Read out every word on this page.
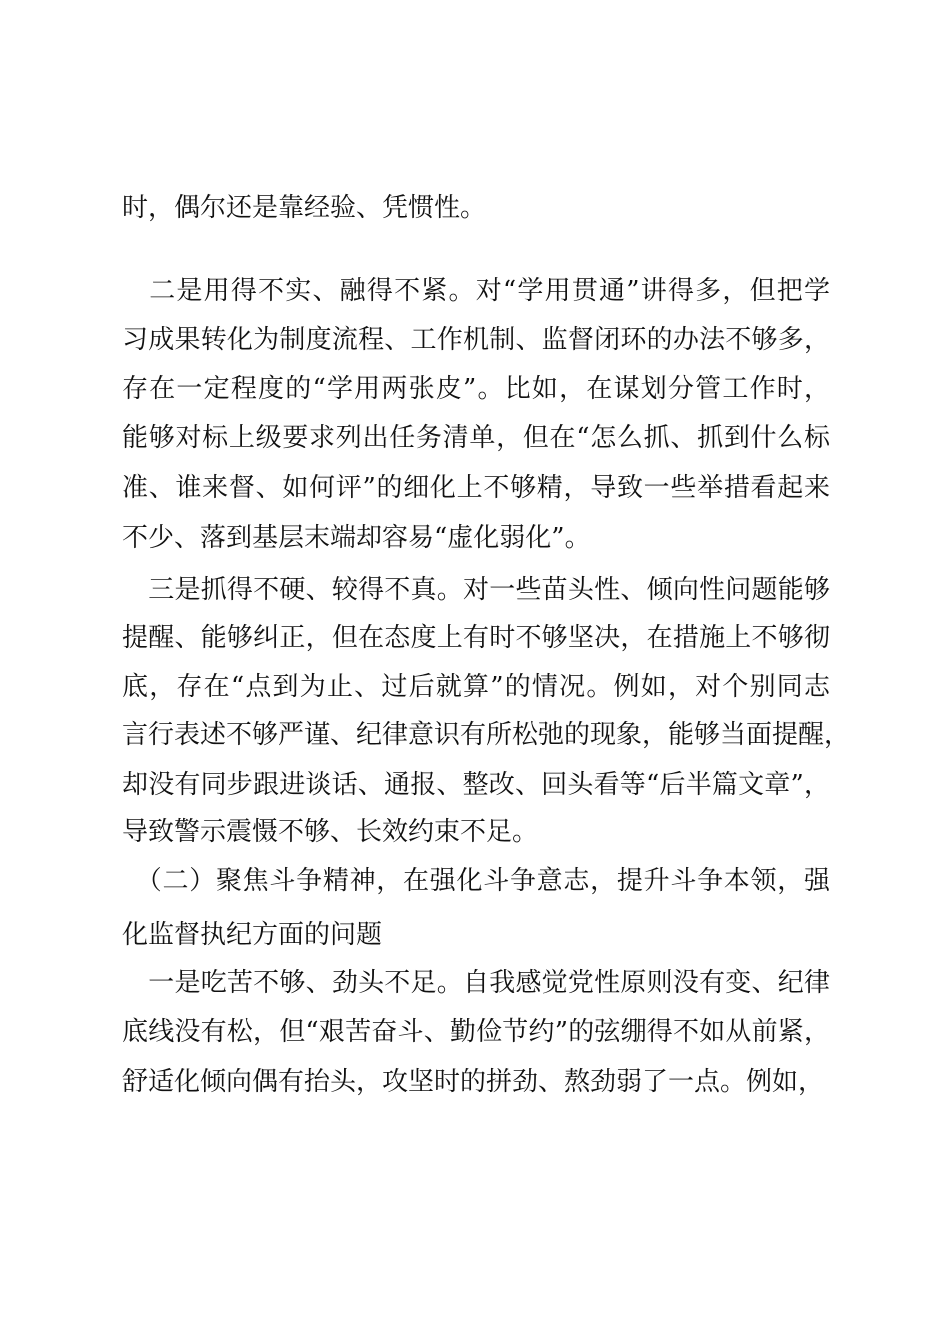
时，偶尔还是靠经验、凭惯性。
　二是用得不实、融得不紧。对“学用贯通”讲得多，但把学
习成果转化为制度流程、工作机制、监督闭环的办法不够多，
存在一定程度的“学用两张皮”。比如，在谋划分管工作时，
能够对标上级要求列出任务清单，但在“怎么抓、抓到什么标
准、谁来督、如何评”的细化上不够精，导致一些举措看起来
不少、落到基层末端却容易“虚化弱化”。
　三是抓得不硬、较得不真。对一些苗头性、倾向性问题能够
提醒、能够纠正，但在态度上有时不够坚决，在措施上不够彻
底，存在“点到为止、过后就算”的情况。例如，对个别同志
言行表述不够严谨、纪律意识有所松弛的现象，能够当面提醒，
却没有同步跟进谈话、通报、整改、回头看等“后半篇文章”，
导致警示震慑不够、长效约束不足。
　（二）聚焦斗争精神，在强化斗争意志，提升斗争本领，强
化监督执纪方面的问题
　一是吃苦不够、劲头不足。自我感觉党性原则没有变、纪律
底线没有松，但“艰苦奋斗、勤俭节约”的弦绷得不如从前紧，
舒适化倾向偶有抬头，攻坚时的拼劲、熬劲弱了一点。例如，
